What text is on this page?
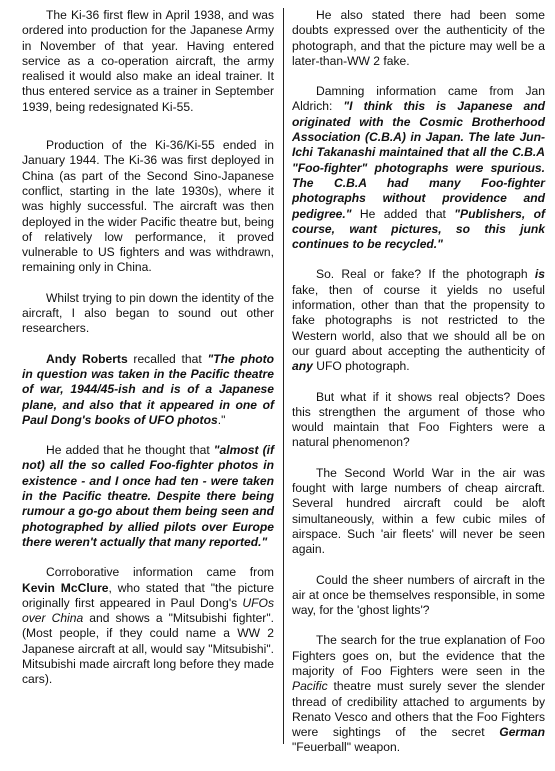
The Ki-36 first flew in April 1938, and was ordered into production for the Japanese Army in November of that year. Having entered service as a co-operation aircraft, the army realised it would also make an ideal trainer. It thus entered service as a trainer in September 1939, being redesignated Ki-55.

Production of the Ki-36/Ki-55 ended in January 1944. The Ki-36 was first deployed in China (as part of the Second Sino-Japanese conflict, starting in the late 1930s), where it was highly successful. The aircraft was then deployed in the wider Pacific theatre but, being of relatively low performance, it proved vulnerable to US fighters and was withdrawn, remaining only in China.

Whilst trying to pin down the identity of the aircraft, I also began to sound out other researchers.

Andy Roberts recalled that "The photo in question was taken in the Pacific theatre of war, 1944/45-ish and is of a Japanese plane, and also that it appeared in one of Paul Dong's books of UFO photos."

He added that he thought that "almost (if not) all the so called Foo-fighter photos in existence - and I once had ten - were taken in the Pacific theatre. Despite there being rumour a go-go about them being seen and photographed by allied pilots over Europe there weren't actually that many reported."

Corroborative information came from Kevin McClure, who stated that "the picture originally first appeared in Paul Dong's UFOs over China and shows a "Mitsubishi fighter". (Most people, if they could name a WW 2 Japanese aircraft at all, would say "Mitsubishi". Mitsubishi made aircraft long before they made cars).

He also stated there had been some doubts expressed over the authenticity of the photograph, and that the picture may well be a later-than-WW 2 fake.

Damning information came from Jan Aldrich: "I think this is Japanese and originated with the Cosmic Brotherhood Association (C.B.A) in Japan. The late Jun-Ichi Takanashi maintained that all the C.B.A "Foo-fighter" photographs were spurious. The C.B.A had many Foo-fighter photographs without providence and pedigree." He added that "Publishers, of course, want pictures, so this junk continues to be recycled."

So. Real or fake? If the photograph is fake, then of course it yields no useful information, other than that the propensity to fake photographs is not restricted to the Western world, also that we should all be on our guard about accepting the authenticity of any UFO photograph.

But what if it shows real objects? Does this strengthen the argument of those who would maintain that Foo Fighters were a natural phenomenon?

The Second World War in the air was fought with large numbers of cheap aircraft. Several hundred aircraft could be aloft simultaneously, within a few cubic miles of airspace. Such 'air fleets' will never be seen again.

Could the sheer numbers of aircraft in the air at once be themselves responsible, in some way, for the 'ghost lights'?

The search for the true explanation of Foo Fighters goes on, but the evidence that the majority of Foo Fighters were seen in the Pacific theatre must surely sever the slender thread of credibility attached to arguments by Renato Vesco and others that the Foo Fighters were sightings of the secret German "Feuerball" weapon.
